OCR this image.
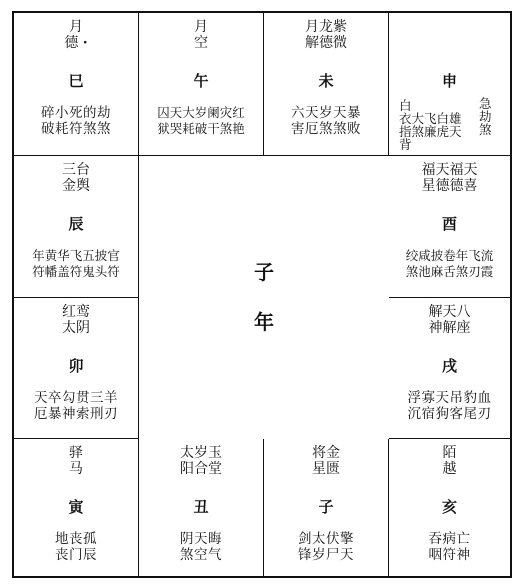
月
德 ·
巳
碎小死的劫
破耗符煞煞
月
空
午
囚天大岁阑灾红
狱哭耗破干煞艳
月龙紫
解德微
未
六天岁天暴
害厄煞煞败
申
白
衣大飞白雄
指煞廉虎天
背
急
劫
煞
三台
金舆
辰
年黄华飞五披官
符幡盖符鬼头符
福天福天
星德德喜
酉
绞咸披卷年飞流
煞池麻舌煞刃霞
红鸾
太阴
卯
天卒勾贯三羊
厄暴神索刑刃
解天八
神解座
戌
浮寡天吊豹血
沉宿狗客尾刃
子
年
驿
马
寅
地丧孤
丧门辰
太岁玉
阳合堂
丑
阴天晦
煞空气
将金
星匮
子
剑太伏擎
锋岁尸天
陌
越
亥
吞病亡
咽符神
